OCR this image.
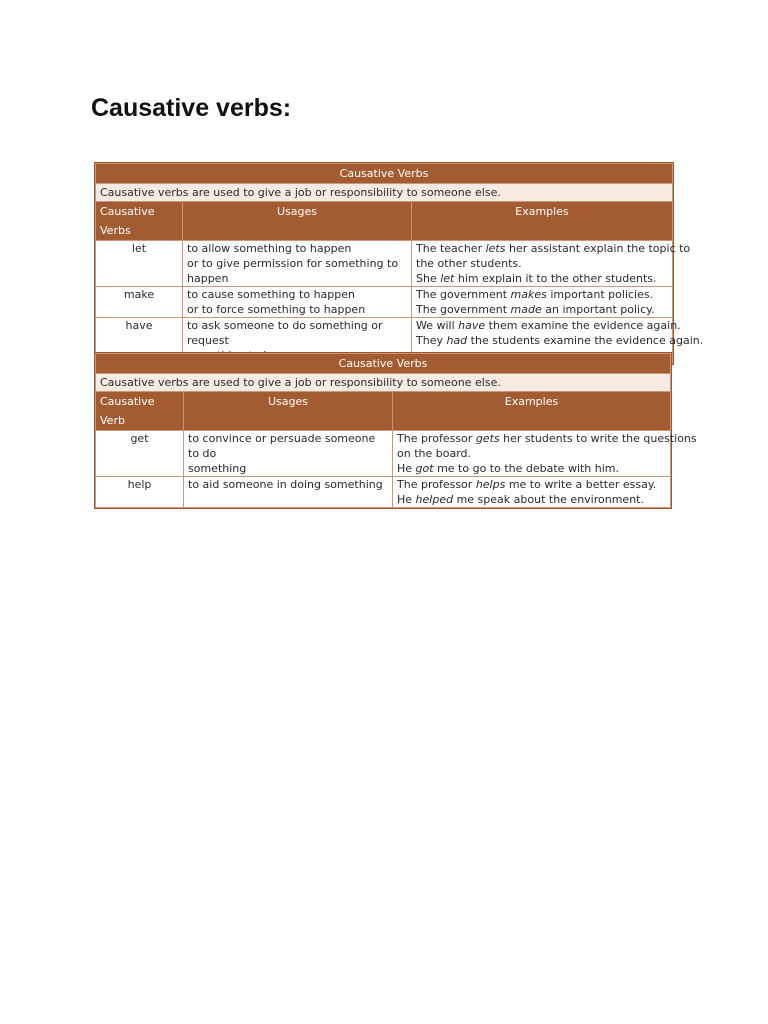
Causative verbs:
Causative Verbs		
Causative verbs are used to give a job or responsibility to someone else.		
Causative Verbs	Usages	Examples
let	to allow something to happen
or to give permission for something to
happen	The teacher lets her assistant explain the topic to
the other students.
She let him explain it to the other students.

make	to cause something to happen
or to force something to happen	The government makes important policies.
The government made an important policy.

have	to ask someone to do something or request	We will have them examine the evidence again.
They had the students examine the evidence again.
Causative Verbs		
Causative verbs are used to give a job or responsibility to someone else.		
Causative Verb	Usages	Examples
get	to convince or persuade someone to do
something	The professor gets her students to write the questions
on the board.
He got me to go to the debate with him.

help	to aid someone in doing something	The professor helps me to write a better essay.
He helped me speak about the environment.
